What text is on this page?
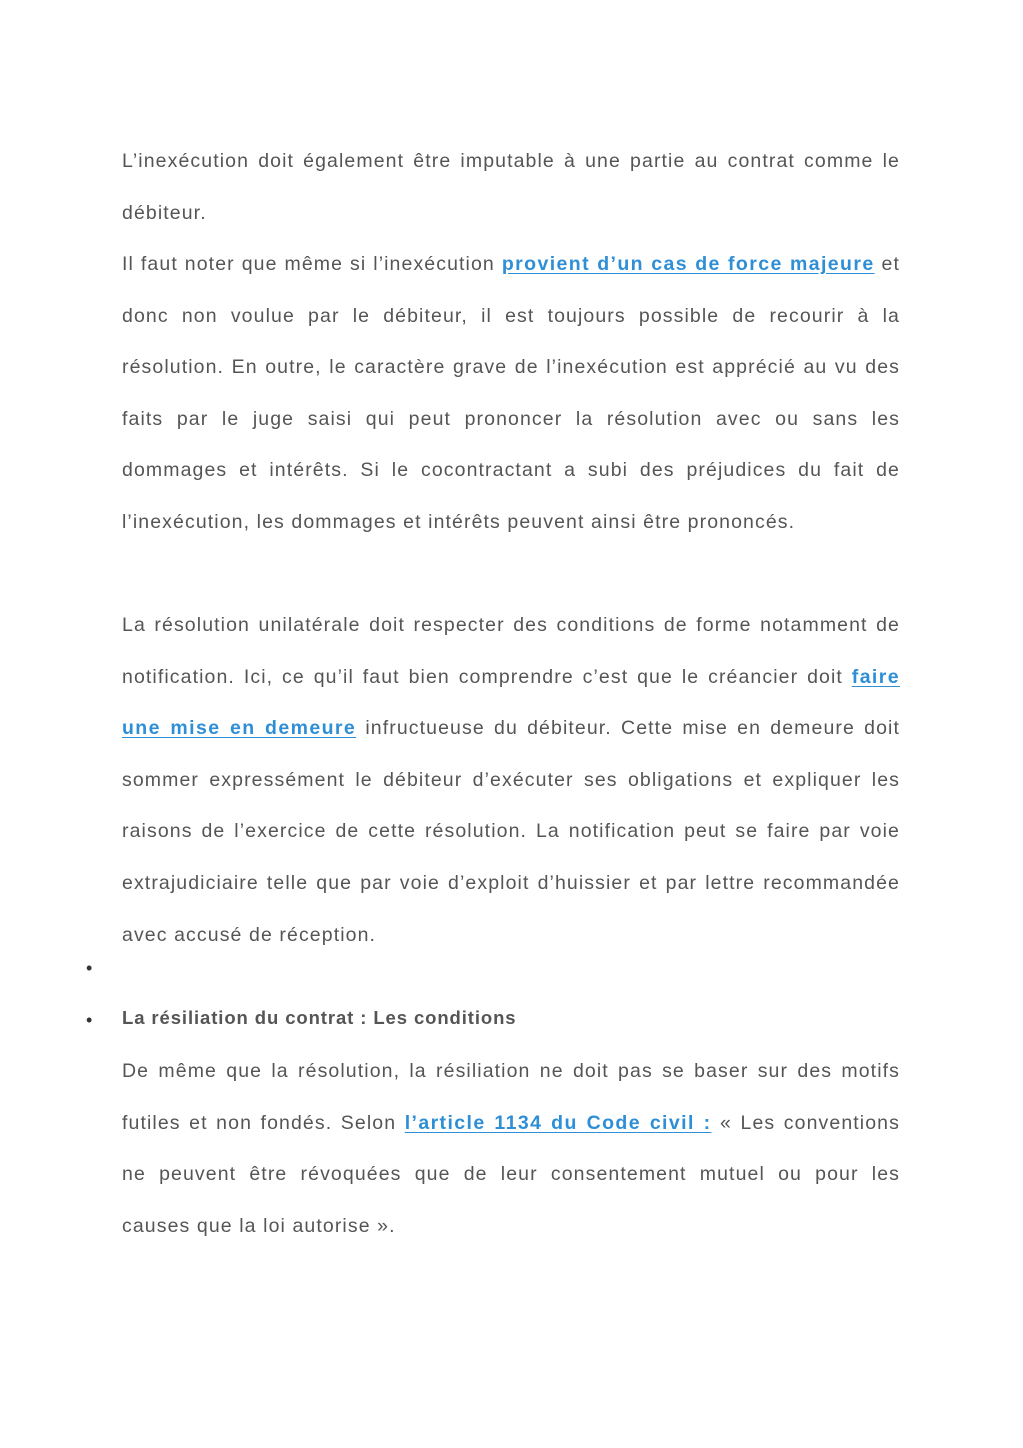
L’inexécution doit également être imputable à une partie au contrat comme le débiteur.

Il faut noter que même si l’inexécution provient d’un cas de force majeure et donc non voulue par le débiteur, il est toujours possible de recourir à la résolution. En outre, le caractère grave de l’inexécution est apprécié au vu des faits par le juge saisi qui peut prononcer la résolution avec ou sans les dommages et intérêts. Si le cocontractant a subi des préjudices du fait de l’inexécution, les dommages et intérêts peuvent ainsi être prononcés.

La résolution unilatérale doit respecter des conditions de forme notamment de notification. Ici, ce qu’il faut bien comprendre c’est que le créancier doit faire une mise en demeure infructueuse du débiteur. Cette mise en demeure doit sommer expressément le débiteur d’exécuter ses obligations et expliquer les raisons de l’exercice de cette résolution. La notification peut se faire par voie extrajudiciaire telle que par voie d’exploit d’huissier et par lettre recommandée avec accusé de réception.

•
• La résiliation du contrat : Les conditions

De même que la résolution, la résiliation ne doit pas se baser sur des motifs futiles et non fondés. Selon l’article 1134 du Code civil : « Les conventions ne peuvent être révoquées que de leur consentement mutuel ou pour les causes que la loi autorise ».
